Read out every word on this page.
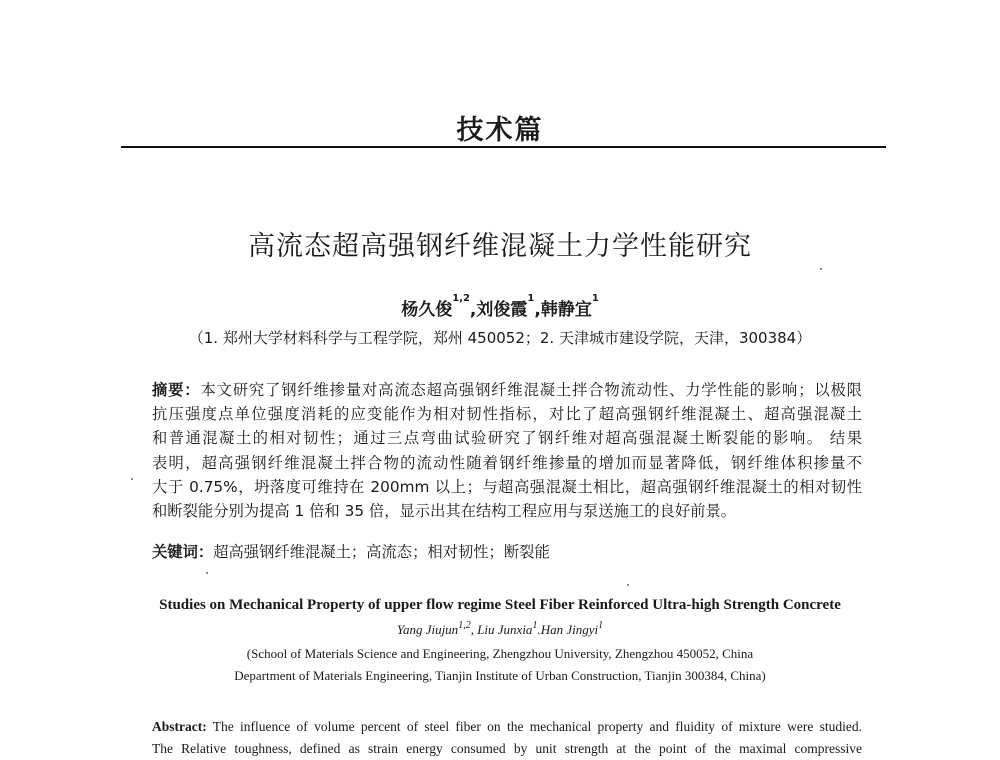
技术篇
高流态超高强钢纤维混凝土力学性能研究
杨久俊$^{1,2}$,刘俊霞$^1$,韩静宜$^1$
（1. 郑州大学材料科学与工程学院，郑州 450052；2. 天津城市建设学院，天津，300384）
摘要：本文研究了钢纤维掺量对高流态超高强钢纤维混凝土拌合物流动性、力学性能的影响；以极限
抗压强度点单位强度消耗的应变能作为相对韧性指标，对比了超高强钢纤维混凝土、超高强混凝土
和普通混凝土的相对韧性；通过三点弯曲试验研究了钢纤维对超高强混凝土断裂能的影响。 结果
表明，超高强钢纤维混凝土拌合物的流动性随着钢纤维掺量的增加而显著降低，钢纤维体积掺量不
大于 0.75%，坍落度可维持在 200mm 以上；与超高强混凝土相比，超高强钢纤维混凝土的相对韧性
和断裂能分别为提高 1 倍和 35 倍，显示出其在结构工程应用与泵送施工的良好前景。
关键词：超高强钢纤维混凝土；高流态；相对韧性；断裂能
Studies on Mechanical Property of upper flow regime Steel Fiber Reinforced Ultra-high Strength Concrete
Yang Jiujun$^{1,2}$, Liu Junxia$^1$.Han Jingyi$^1$
(School of Materials Science and Engineering, Zhengzhou University, Zhengzhou 450052, China
Department of Materials Engineering, Tianjin Institute of Urban Construction, Tianjin 300384, China)
Abstract: The influence of volume percent of steel fiber on the mechanical property and fluidity of mixture were studied.
The Relative toughness, defined as strain energy consumed by unit strength at the point of the maximal compressive
